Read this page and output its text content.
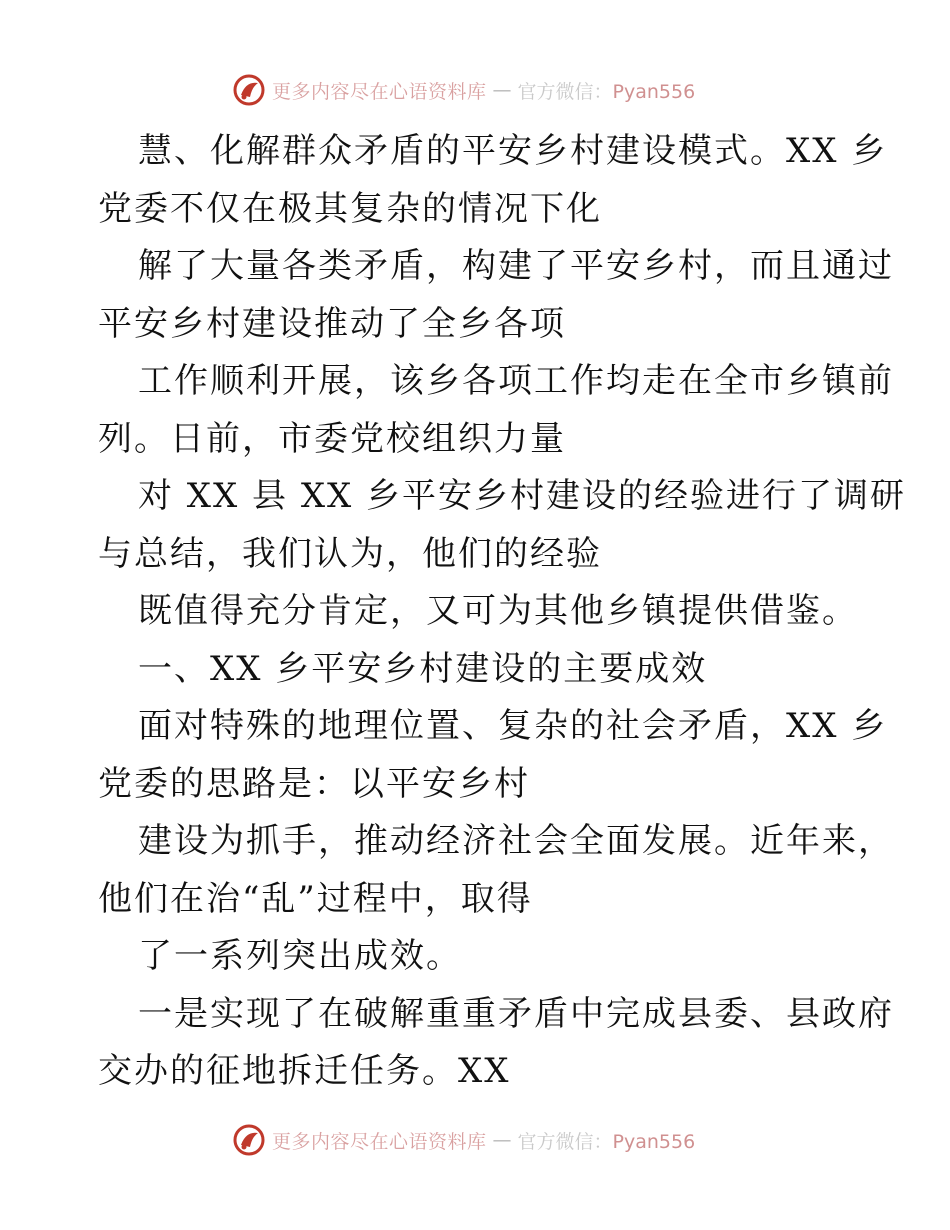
更多内容尽在心语资料库 — 官方微信：Pyan556
慧、化解群众矛盾的平安乡村建设模式。XX 乡
党委不仅在极其复杂的情况下化
解了大量各类矛盾，构建了平安乡村，而且通过
平安乡村建设推动了全乡各项
工作顺利开展，该乡各项工作均走在全市乡镇前
列。日前，市委党校组织力量
对 XX 县 XX 乡平安乡村建设的经验进行了调研
与总结，我们认为，他们的经验
既值得充分肯定，又可为其他乡镇提供借鉴。
一、XX 乡平安乡村建设的主要成效
面对特殊的地理位置、复杂的社会矛盾，XX 乡
党委的思路是：以平安乡村
建设为抓手，推动经济社会全面发展。近年来，
他们在治“乱”过程中，取得
了一系列突出成效。
一是实现了在破解重重矛盾中完成县委、县政府
交办的征地拆迁任务。XX
更多内容尽在心语资料库 — 官方微信：Pyan556
